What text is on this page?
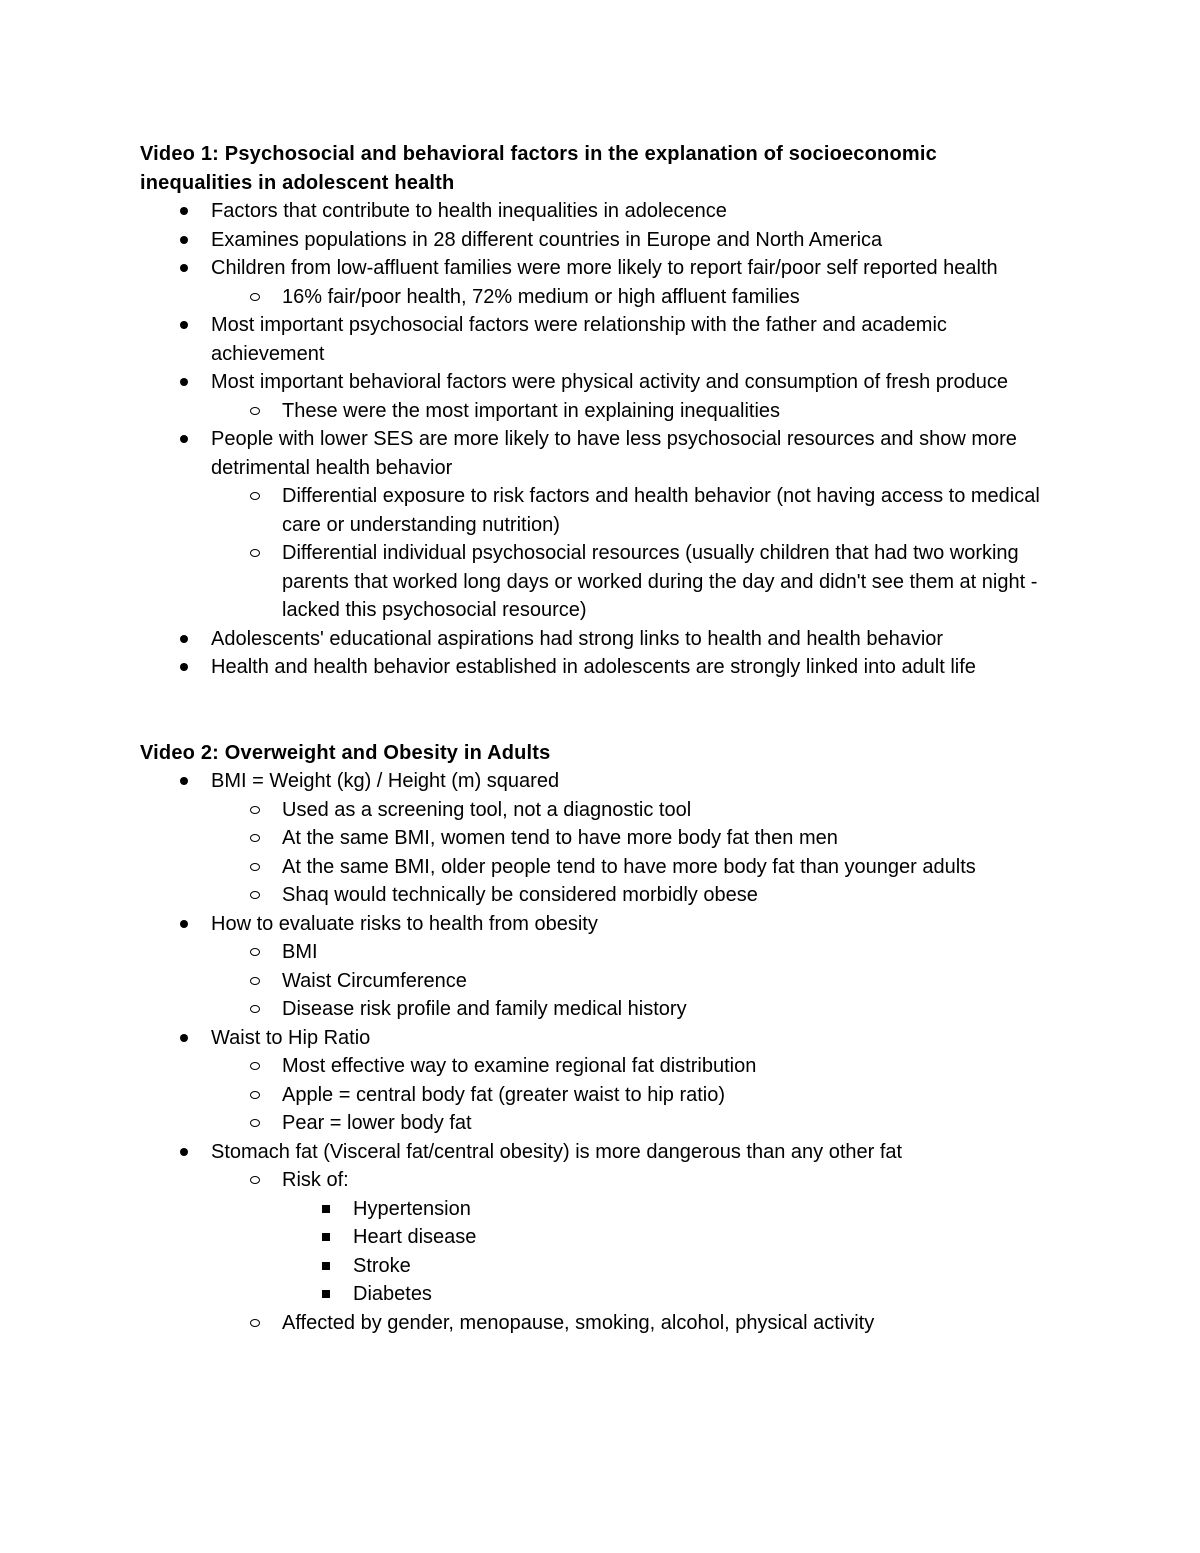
Video 1: Psychosocial and behavioral factors in the explanation of socioeconomic inequalities in adolescent health
Factors that contribute to health inequalities in adolecence
Examines populations in 28 different countries in Europe and North America
Children from low-affluent families were more likely to report fair/poor self reported health
16% fair/poor health, 72% medium or high affluent families
Most important psychosocial factors were relationship with the father and academic achievement
Most important behavioral factors were physical activity and consumption of fresh produce
These were the most important in explaining inequalities
People with lower SES are more likely to have less psychosocial resources and show more detrimental health behavior
Differential exposure to risk factors and health behavior (not having access to medical care or understanding nutrition)
Differential individual psychosocial resources (usually children that had two working parents that worked long days or worked during the day and didn't see them at night - lacked this psychosocial resource)
Adolescents' educational aspirations had strong links to health and health behavior
Health and health behavior established in adolescents are strongly linked into adult life
Video 2: Overweight and Obesity in Adults
BMI = Weight (kg) / Height (m) squared
Used as a screening tool, not a diagnostic tool
At the same BMI, women tend to have more body fat then men
At the same BMI, older people tend to have more body fat than younger adults
Shaq would technically be considered morbidly obese
How to evaluate risks to health from obesity
BMI
Waist Circumference
Disease risk profile and family medical history
Waist to Hip Ratio
Most effective way to examine regional fat distribution
Apple = central body fat (greater waist to hip ratio)
Pear = lower body fat
Stomach fat (Visceral fat/central obesity) is more dangerous than any other fat
Risk of:
Hypertension
Heart disease
Stroke
Diabetes
Affected by gender, menopause, smoking, alcohol, physical activity
